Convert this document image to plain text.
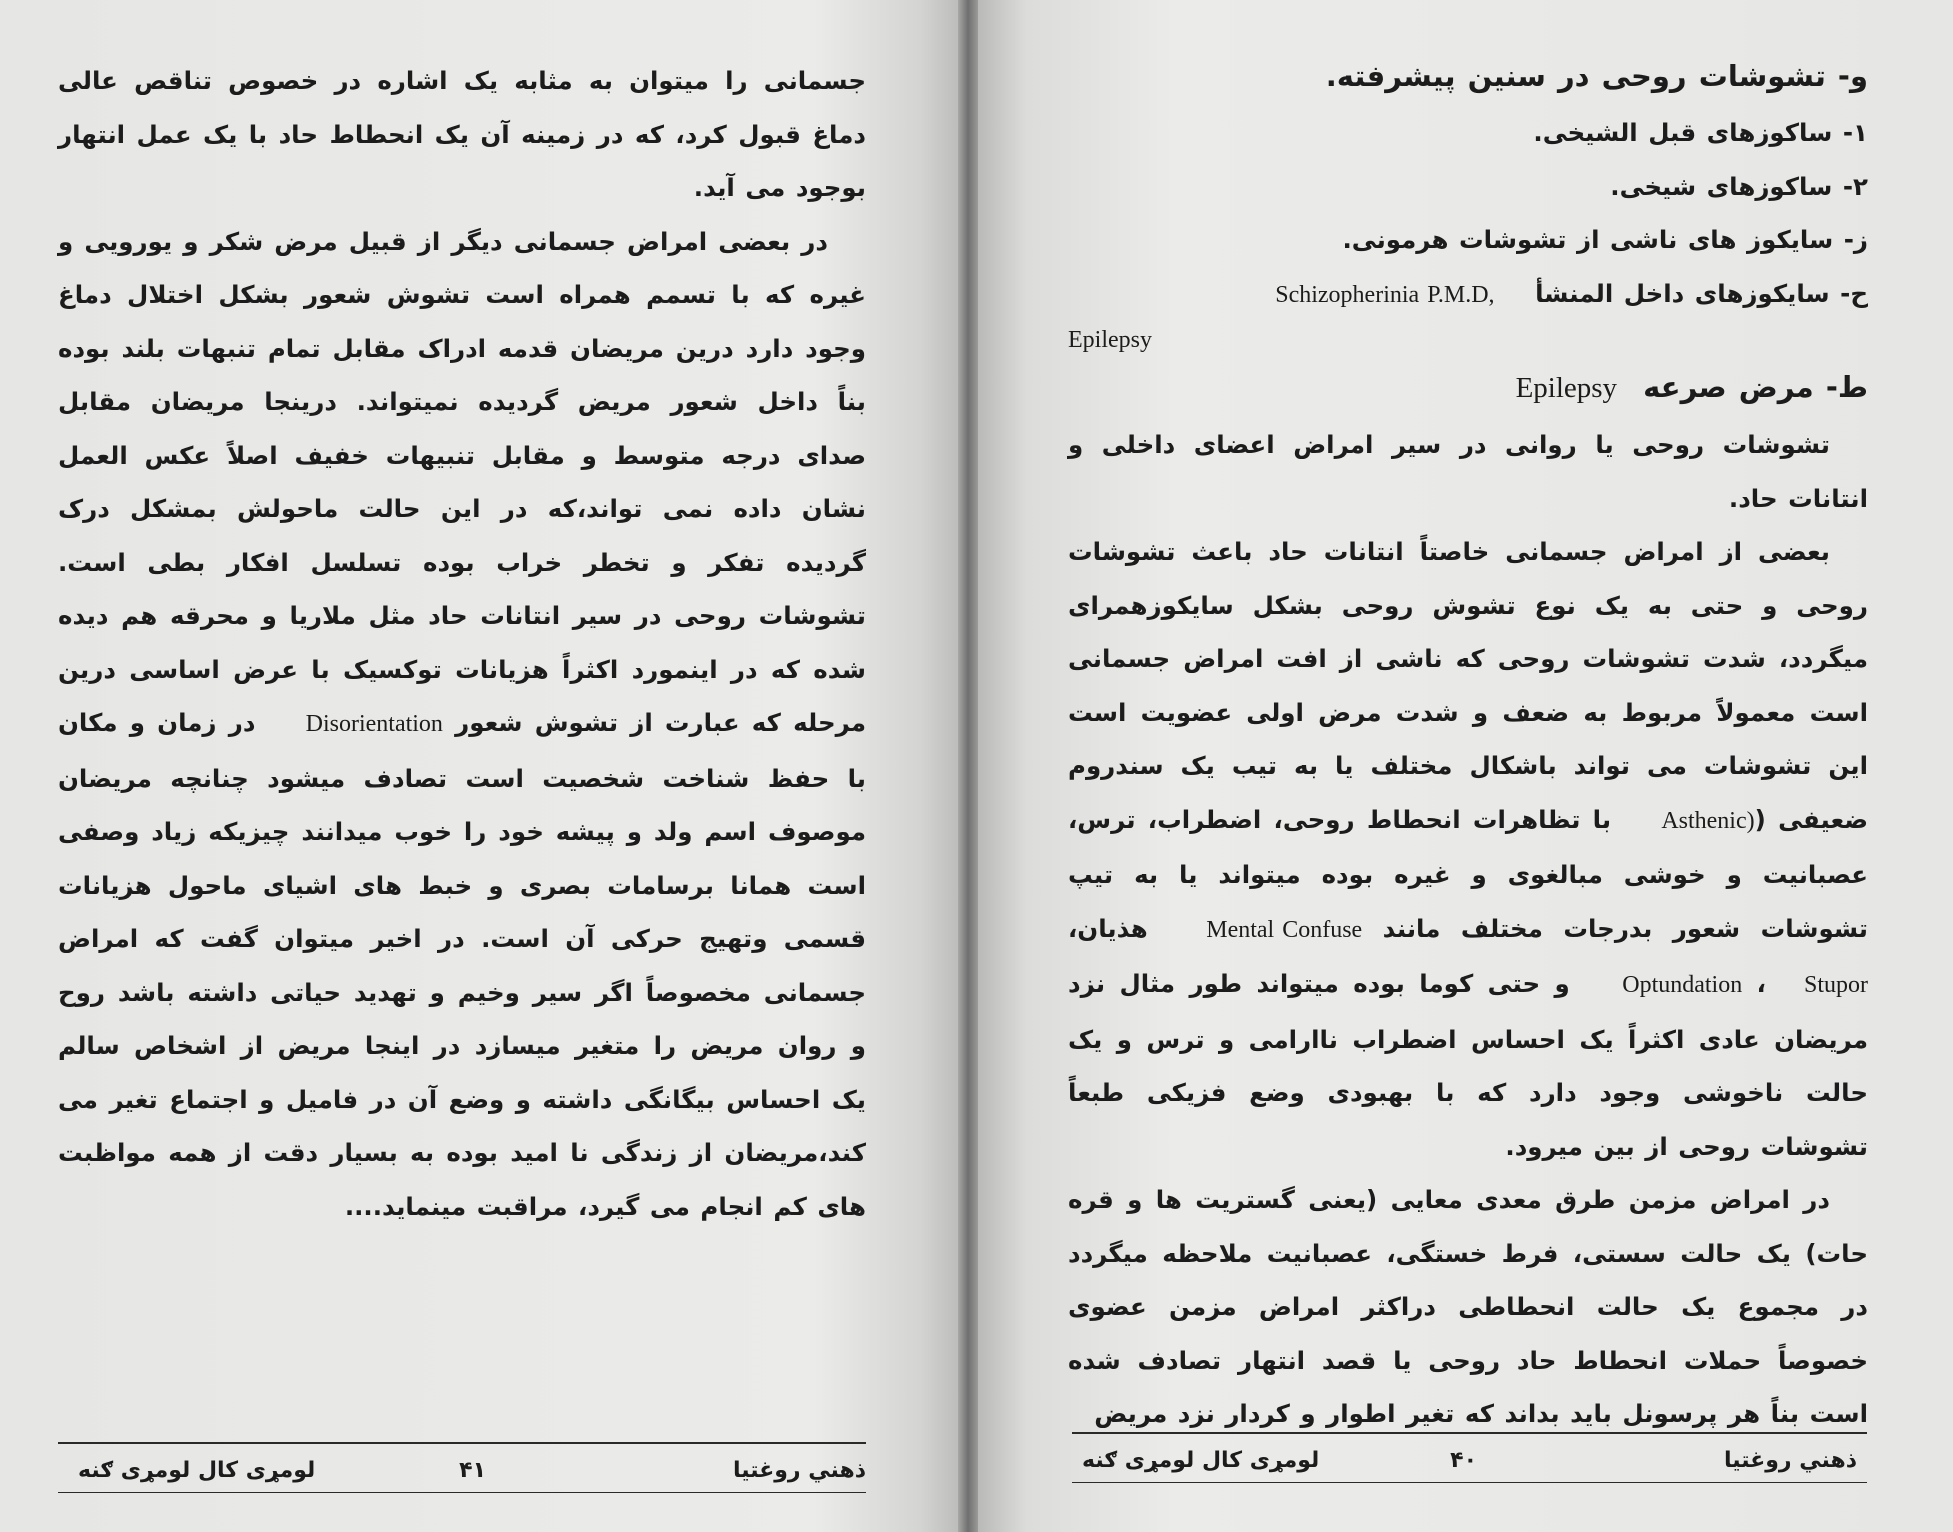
جسمانی را میتوان به مثابه یک اشاره در خصوص تناقص عالی دماغ قبول کرد، که در زمینه آن یک انحطاط حاد با یک عمل انتهار بوجود می آید.

در بعضی امراض جسمانی دیگر از قبیل مرض شکر و یورویی و غیره که با تسمم همراه است تشوش شعور بشکل اختلال دماغ وجود دارد درین مریضان قدمه ادراک مقابل تمام تنبهات بلند بوده بناً داخل شعور مریض گردیده نمیتواند. درینجا مریضان مقابل صدای درجه متوسط و مقابل تنبیهات خفیف اصلاً عکس العمل نشان داده نمی تواند،که در این حالت ماحولش بمشکل درک گردیده تفکر و تخطر خراب بوده تسلسل افکار بطی است. تشوشات روحی در سیر انتانات حاد مثل ملاریا و محرقه هم دیده شده که در اینمورد اکثراً هزیانات توکسیک با عرض اساسی درین مرحله که عبارت از تشوش شعور Disorientation در زمان و مکان با حفظ شناخت شخصیت است تصادف میشود چنانچه مریضان موصوف اسم ولد و پیشه خود را خوب میدانند چیزیکه زیاد وصفی است همانا برسامات بصری و خبط های اشیای ماحول هزیانات قسمی وتهیج حرکی آن است. در اخیر میتوان گفت که امراض جسمانی مخصوصاً اگر سیر وخیم و تهدید حیاتی داشته باشد روح و روان مریض را متغیر میسازد در اینجا مریض از اشخاص سالم یک احساس بیگانگی داشته و وضع آن در فامیل و اجتماع تغیر می کند،مریضان از زندگی نا امید بوده به بسیار دقت از همه مواظبت های کم انجام می گیرد، مراقبت مینماید....

ذهني روغتيا
۴۱
لومړی کال لومړی ګنه

و- تشوشات روحی در سنین پیشرفته.

۱- ساکوزهای قبل الشیخی.

۲- ساکوزهای شیخی.

ز- سایکوز های ناشی از تشوشات هرمونی.

ح- سایکوزهای داخل المنشأ Schizopherinia P.M.D,

Epilepsy

ط- مرض صرعه Epilepsy

تشوشات روحی یا روانی در سیر امراض اعضای داخلی و انتانات حاد.

بعضی از امراض جسمانی خاصتاً انتانات حاد باعث تشوشات روحی و حتی به یک نوع تشوش روحی بشکل سایکوزهمرای میگردد، شدت تشوشات روحی که ناشی از افت امراض جسمانی است معمولاً مربوط به ضعف و شدت مرض اولی عضویت است این تشوشات می تواند باشکال مختلف یا به تیب یک سندروم ضعیفی (Asthenic) با تظاهرات انحطاط روحی، اضطراب، ترس، عصبانیت و خوشی مبالغوی و غیره بوده میتواند یا به تیپ تشوشات شعور بدرجات مختلف مانند Mental Confuse هذیان، Stupor، Optundation و حتی کوما بوده میتواند طور مثال نزد مریضان عادی اکثراً یک احساس اضطراب ناارامی و ترس و یک حالت ناخوشی وجود دارد که با بهبودی وضع فزیکی طبعاً تشوشات روحی از بین میرود.

در امراض مزمن طرق معدی معایی (یعنی گستریت ها و قره حات) یک حالت سستی، فرط خستگی، عصبانیت ملاحظه میگردد در مجموع یک حالت انحطاطی دراکثر امراض مزمن عضوی خصوصاً حملات انحطاط حاد روحی یا قصد انتهار تصادف شده است بناً هر پرسونل باید بداند که تغیر اطوار و کردار نزد مریض

ذهني روغتيا
۴۰
لومړی کال لومړی ګنه
